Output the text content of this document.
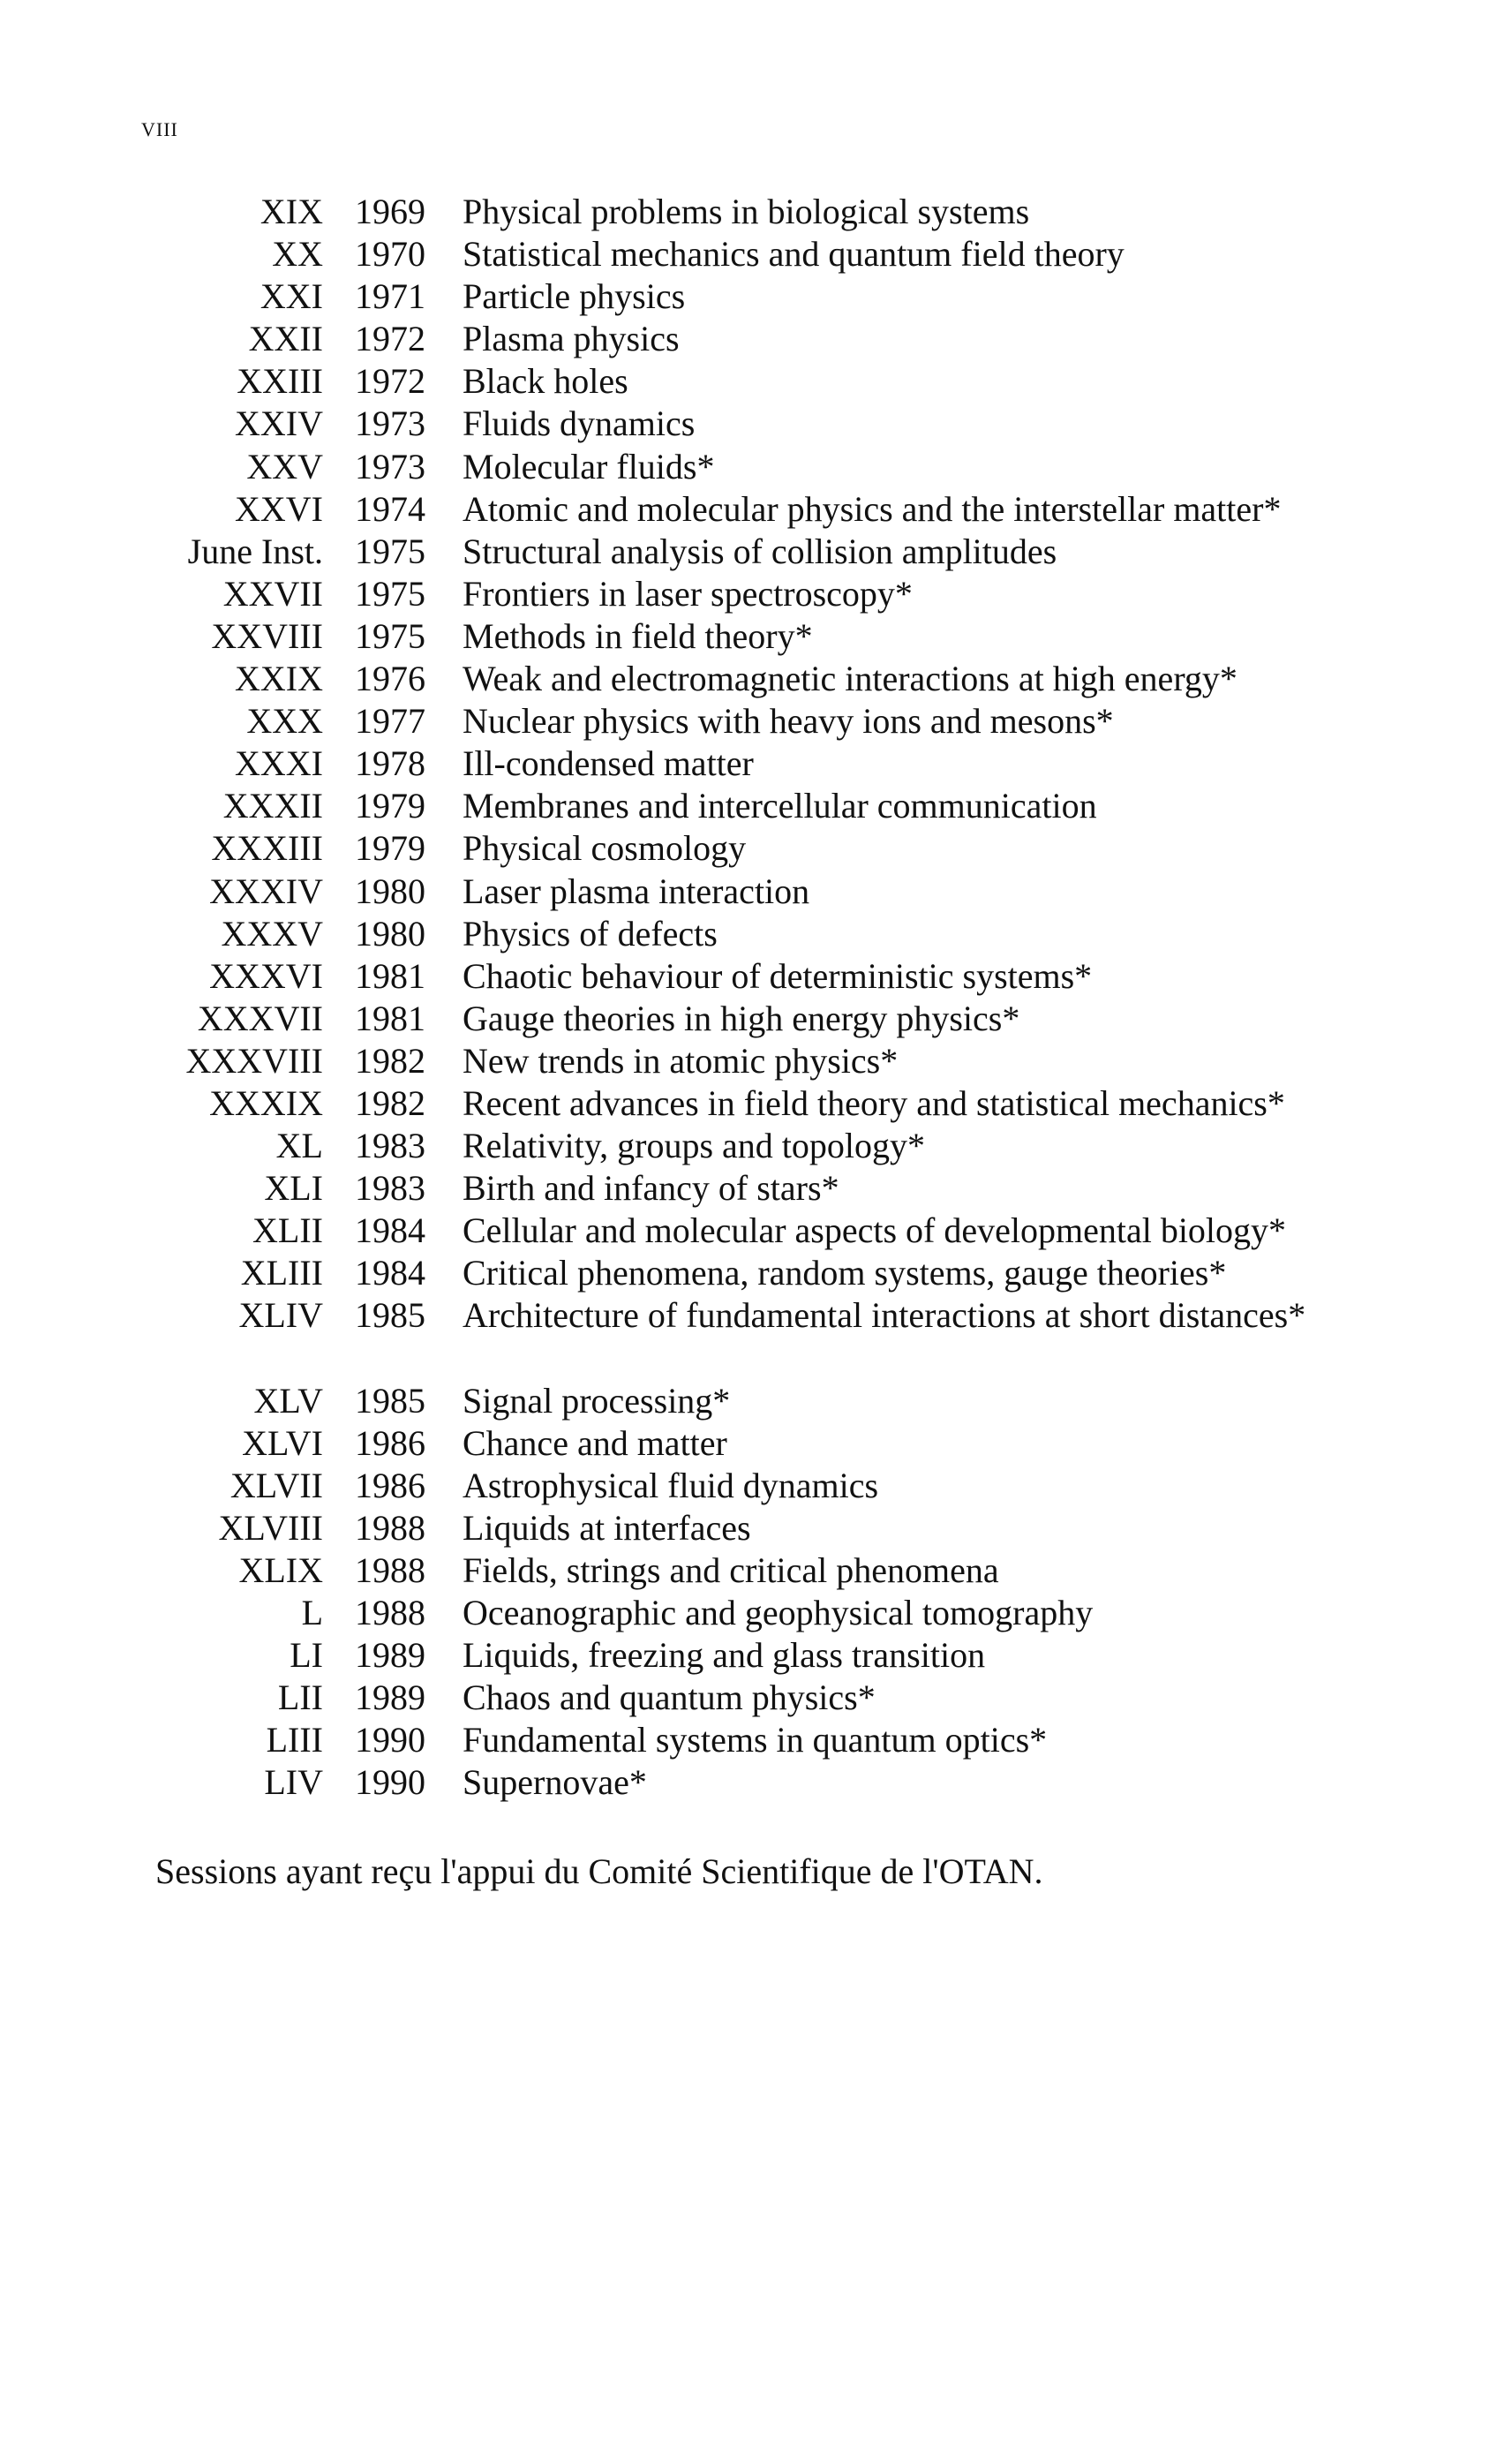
VIII
XIX 1969 Physical problems in biological systems
XX 1970 Statistical mechanics and quantum field theory
XXI 1971 Particle physics
XXII 1972 Plasma physics
XXIII 1972 Black holes
XXIV 1973 Fluids dynamics
XXV 1973 Molecular fluids*
XXVI 1974 Atomic and molecular physics and the interstellar matter*
June Inst. 1975 Structural analysis of collision amplitudes
XXVII 1975 Frontiers in laser spectroscopy*
XXVIII 1975 Methods in field theory*
XXIX 1976 Weak and electromagnetic interactions at high energy*
XXX 1977 Nuclear physics with heavy ions and mesons*
XXXI 1978 Ill-condensed matter
XXXII 1979 Membranes and intercellular communication
XXXIII 1979 Physical cosmology
XXXIV 1980 Laser plasma interaction
XXXV 1980 Physics of defects
XXXVI 1981 Chaotic behaviour of deterministic systems*
XXXVII 1981 Gauge theories in high energy physics*
XXXVIII 1982 New trends in atomic physics*
XXXIX 1982 Recent advances in field theory and statistical mechanics*
XL 1983 Relativity, groups and topology*
XLI 1983 Birth and infancy of stars*
XLII 1984 Cellular and molecular aspects of developmental biology*
XLIII 1984 Critical phenomena, random systems, gauge theories*
XLIV 1985 Architecture of fundamental interactions at short distances*
XLV 1985 Signal processing*
XLVI 1986 Chance and matter
XLVII 1986 Astrophysical fluid dynamics
XLVIII 1988 Liquids at interfaces
XLIX 1988 Fields, strings and critical phenomena
L 1988 Oceanographic and geophysical tomography
LI 1989 Liquids, freezing and glass transition
LII 1989 Chaos and quantum physics*
LIII 1990 Fundamental systems in quantum optics*
LIV 1990 Supernovae*
Sessions ayant reçu l'appui du Comité Scientifique de l'OTAN.
